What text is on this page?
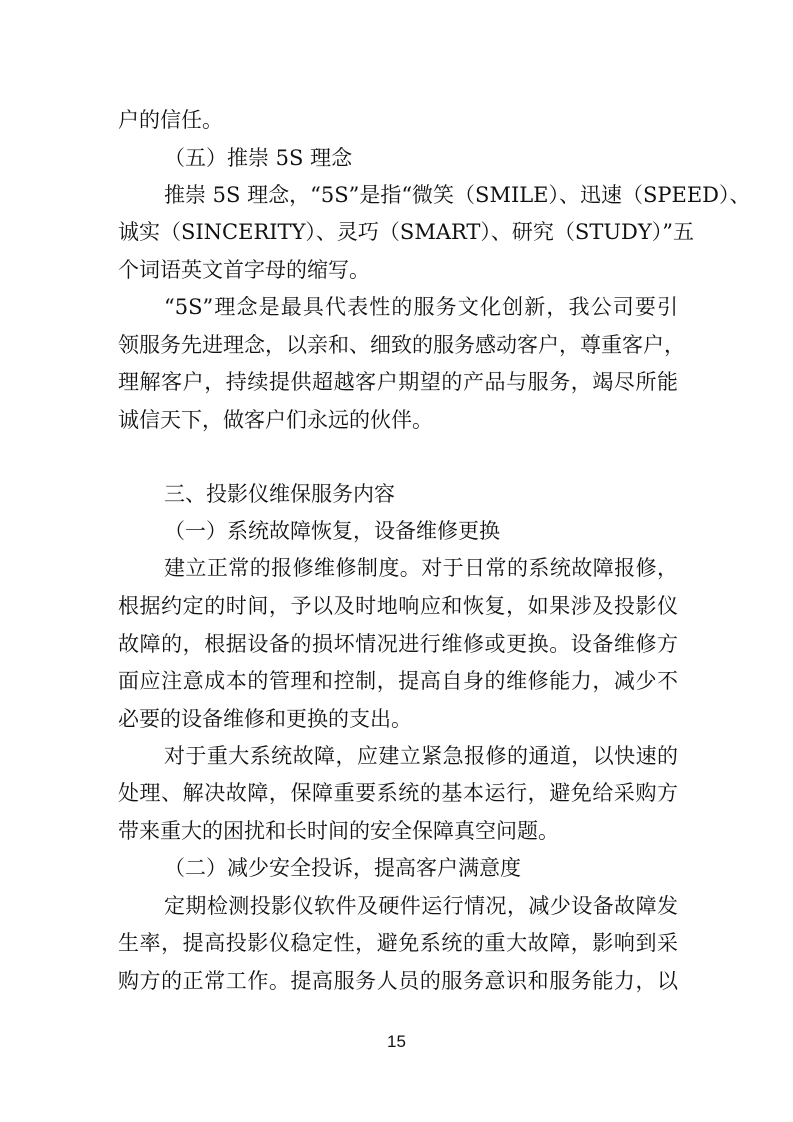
户的信任。
（五）推崇 5S 理念
推崇 5S 理念，“5S”是指“微笑（SMILE）、迅速（SPEED）、
诚实（SINCERITY）、灵巧（SMART）、研究（STUDY）”五
个词语英文首字母的缩写。
“5S”理念是最具代表性的服务文化创新，我公司要引
领服务先进理念，以亲和、细致的服务感动客户，尊重客户，
理解客户，持续提供超越客户期望的产品与服务，竭尽所能
诚信天下，做客户们永远的伙伴。
三、投影仪维保服务内容
（一）系统故障恢复，设备维修更换
建立正常的报修维修制度。对于日常的系统故障报修，
根据约定的时间，予以及时地响应和恢复，如果涉及投影仪
故障的，根据设备的损坏情况进行维修或更换。设备维修方
面应注意成本的管理和控制，提高自身的维修能力，减少不
必要的设备维修和更换的支出。
对于重大系统故障，应建立紧急报修的通道，以快速的
处理、解决故障，保障重要系统的基本运行，避免给采购方
带来重大的困扰和长时间的安全保障真空问题。
（二）减少安全投诉，提高客户满意度
定期检测投影仪软件及硬件运行情况，减少设备故障发
生率，提高投影仪稳定性，避免系统的重大故障，影响到采
购方的正常工作。提高服务人员的服务意识和服务能力，以
15
